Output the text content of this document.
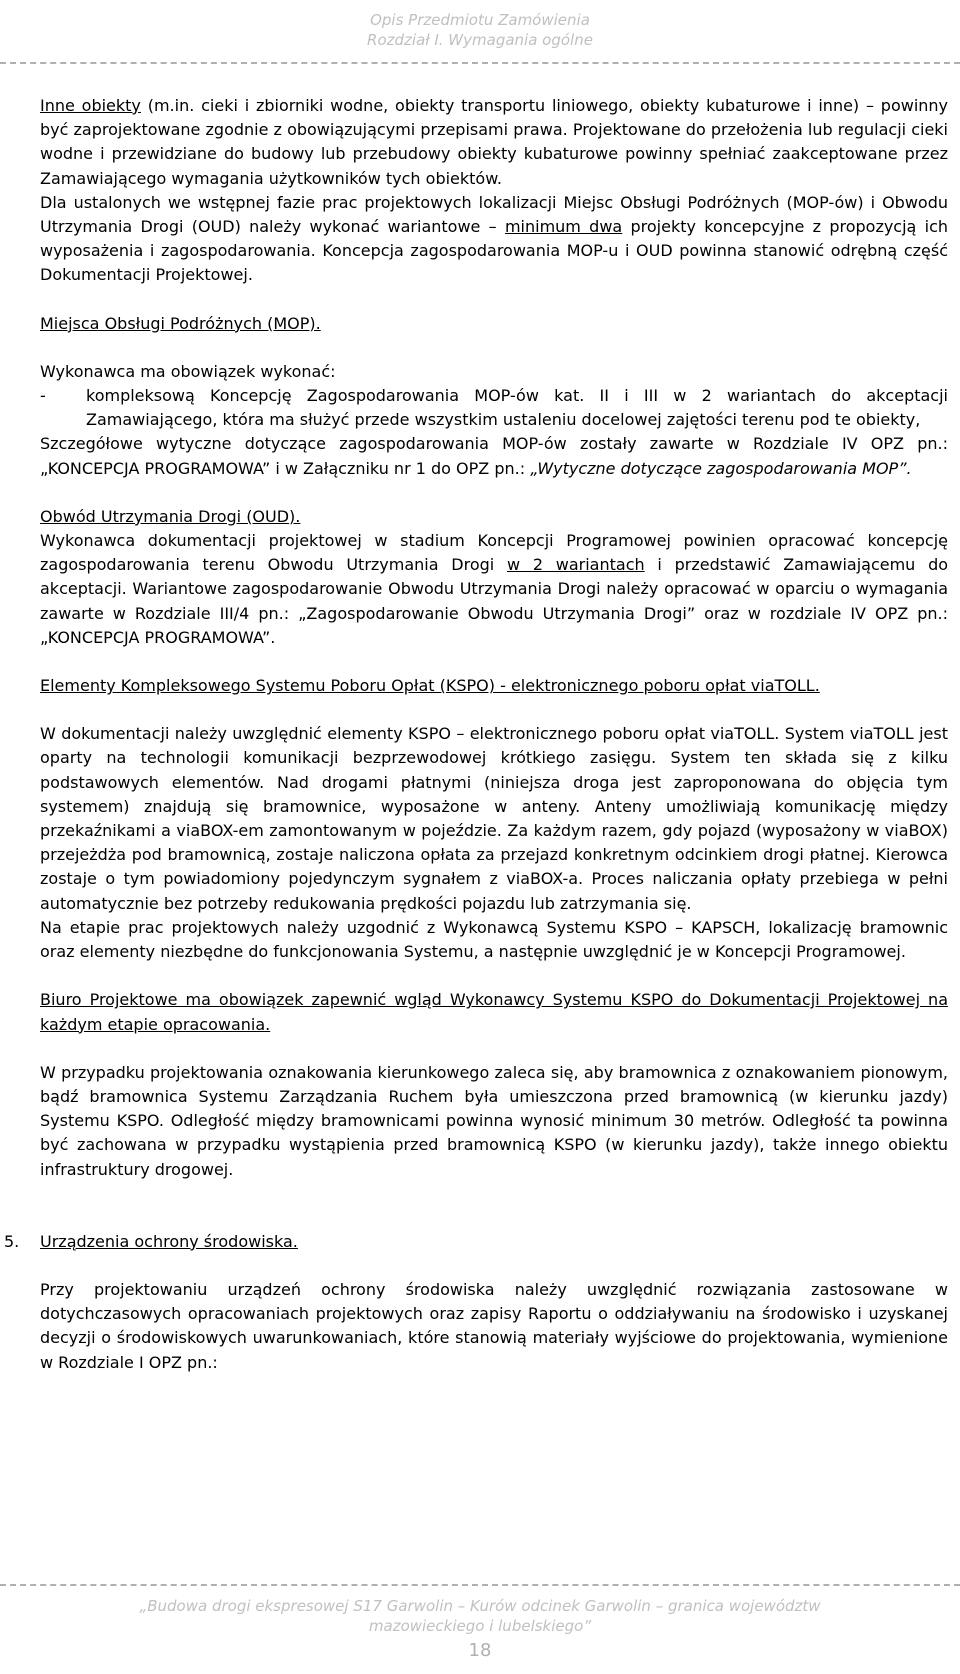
Opis Przedmiotu Zamówienia
Rozdział I. Wymagania ogólne

Inne obiekty (m.in. cieki i zbiorniki wodne, obiekty transportu liniowego, obiekty kubaturowe i inne) – powinny być zaprojektowane zgodnie z obowiązującymi przepisami prawa. Projektowane do przełożenia lub regulacji cieki wodne i przewidziane do budowy lub przebudowy obiekty kubaturowe powinny spełniać zaakceptowane przez Zamawiającego wymagania użytkowników tych obiektów.

Dla ustalonych we wstępnej fazie prac projektowych lokalizacji Miejsc Obsługi Podróżnych (MOP-ów) i Obwodu Utrzymania Drogi (OUD) należy wykonać wariantowe – minimum dwa projekty koncepcyjne z propozycją ich wyposażenia i zagospodarowania. Koncepcja zagospodarowania MOP-u i OUD powinna stanowić odrębną część Dokumentacji Projektowej.

Miejsca Obsługi Podróżnych (MOP).

Wykonawca ma obowiązek wykonać:

-	kompleksową Koncepcję Zagospodarowania MOP-ów kat. II i III w 2 wariantach do akceptacji Zamawiającego, która ma służyć przede wszystkim ustaleniu docelowej zajętości terenu pod te obiekty,

Szczegółowe wytyczne dotyczące zagospodarowania MOP-ów zostały zawarte w Rozdziale IV OPZ pn.: „KONCEPCJA PROGRAMOWA” i w Załączniku nr 1 do OPZ pn.: „Wytyczne dotyczące zagospodarowania MOP”.

Obwód Utrzymania Drogi (OUD).

Wykonawca dokumentacji projektowej w stadium Koncepcji Programowej powinien opracować koncepcję zagospodarowania terenu Obwodu Utrzymania Drogi w 2 wariantach i przedstawić Zamawiającemu do akceptacji. Wariantowe zagospodarowanie Obwodu Utrzymania Drogi należy opracować w oparciu o wymagania zawarte w Rozdziale III/4 pn.: „Zagospodarowanie Obwodu Utrzymania Drogi” oraz w rozdziale IV OPZ pn.: „KONCEPCJA PROGRAMOWA”.

Elementy Kompleksowego Systemu Poboru Opłat (KSPO) - elektronicznego poboru opłat viaTOLL.

W dokumentacji należy uwzględnić elementy KSPO – elektronicznego poboru opłat viaTOLL. System viaTOLL jest oparty na technologii komunikacji bezprzewodowej krótkiego zasięgu. System ten składa się z kilku podstawowych elementów. Nad drogami płatnymi (niniejsza droga jest zaproponowana do objęcia tym systemem) znajdują się bramownice, wyposażone w anteny. Anteny umożliwiają komunikację między przekaźnikami a viaBOX-em zamontowanym w pojeździe. Za każdym razem, gdy pojazd (wyposażony w viaBOX) przejeżdża pod bramownicą, zostaje naliczona opłata za przejazd konkretnym odcinkiem drogi płatnej. Kierowca zostaje o tym powiadomiony pojedynczym sygnałem z viaBOX-a. Proces naliczania opłaty przebiega w pełni automatycznie bez potrzeby redukowania prędkości pojazdu lub zatrzymania się.

Na etapie prac projektowych należy uzgodnić z Wykonawcą Systemu KSPO – KAPSCH, lokalizację bramownic oraz elementy niezbędne do funkcjonowania Systemu, a następnie uwzględnić je w Koncepcji Programowej.

Biuro Projektowe ma obowiązek zapewnić wgląd Wykonawcy Systemu KSPO do Dokumentacji Projektowej na każdym etapie opracowania.

W przypadku projektowania oznakowania kierunkowego zaleca się, aby bramownica z oznakowaniem pionowym, bądź bramownica Systemu Zarządzania Ruchem była umieszczona przed bramownicą (w kierunku jazdy) Systemu KSPO. Odległość między bramownicami powinna wynosić minimum 30 metrów. Odległość ta powinna być zachowana w przypadku wystąpienia przed bramownicą KSPO (w kierunku jazdy), także innego obiektu infrastruktury drogowej.

5. Urządzenia ochrony środowiska.

Przy projektowaniu urządzeń ochrony środowiska należy uwzględnić rozwiązania zastosowane w dotychczasowych opracowaniach projektowych oraz zapisy Raportu o oddziaływaniu na środowisko i uzyskanej decyzji o środowiskowych uwarunkowaniach, które stanowią materiały wyjściowe do projektowania, wymienione w Rozdziale I OPZ pn.:

„Budowa drogi ekspresowej S17 Garwolin – Kurów odcinek Garwolin – granica województw
mazowieckiego i lubelskiego”
18
